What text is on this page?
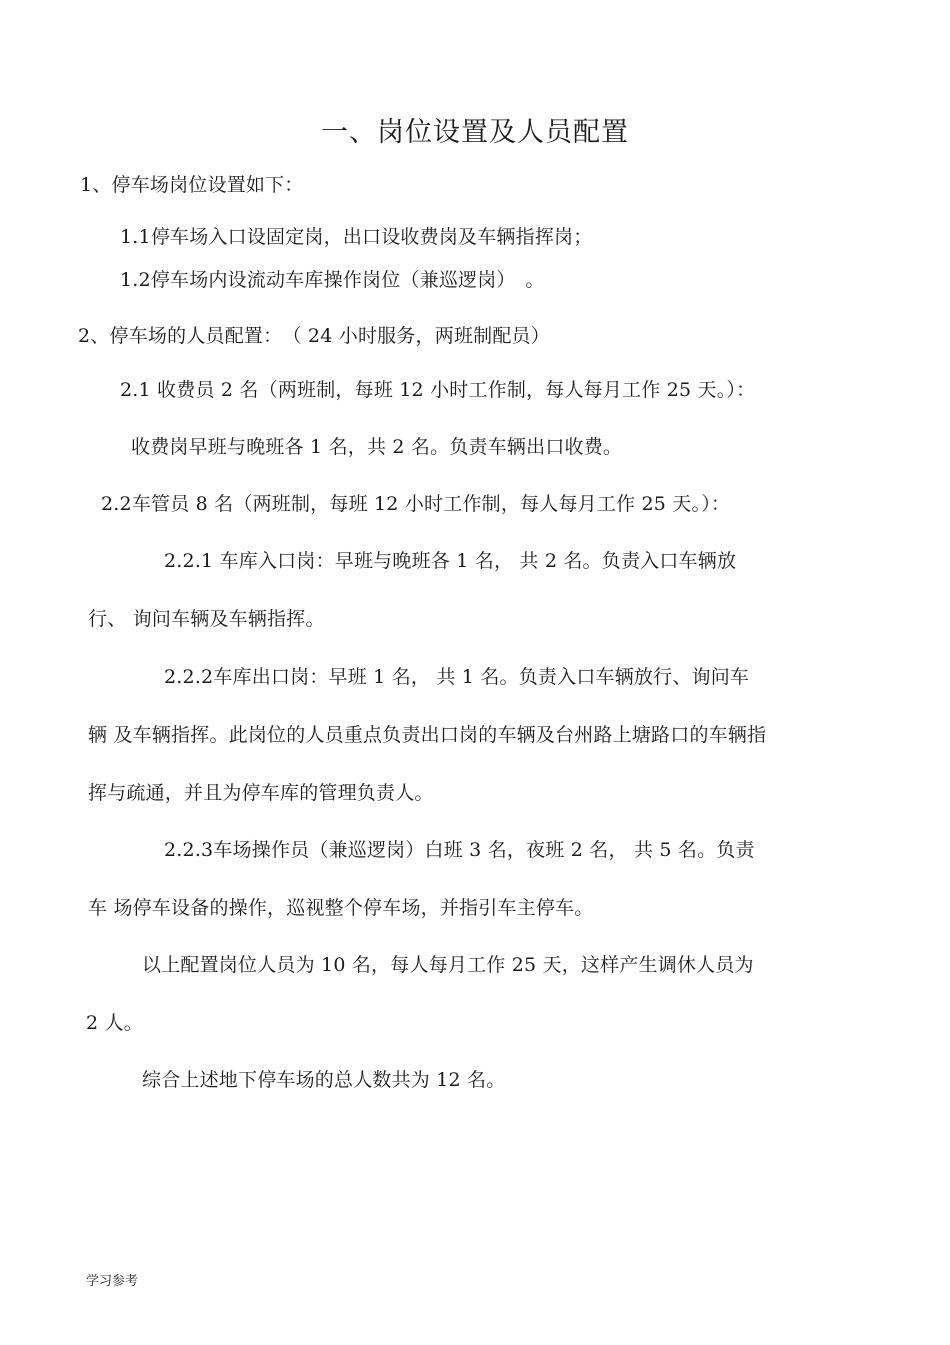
一、岗位设置及人员配置
1、停车场岗位设置如下：
1.1停车场入口设固定岗，出口设收费岗及车辆指挥岗；
1.2停车场内设流动车库操作岗位（兼巡逻岗）　。
2、停车场的人员配置：　（ 24 小时服务，两班制配员）
2.1 收费员 2 名（两班制，每班 12 小时工作制，每人每月工作 25 天。）：
收费岗早班与晚班各 1 名，共 2 名。负责车辆出口收费。
2.2车管员 8 名（两班制，每班 12 小时工作制，每人每月工作 25 天。）：
2.2.1 车库入口岗：早班与晚班各 1 名， 共 2 名。负责入口车辆放
行、 询问车辆及车辆指挥。
2.2.2车库出口岗：早班 1 名， 共 1 名。负责入口车辆放行、询问车
辆 及车辆指挥。此岗位的人员重点负责出口岗的车辆及台州路上塘路口的车辆指
挥与疏通，并且为停车库的管理负责人。
2.2.3车场操作员（兼巡逻岗）白班 3 名，夜班 2 名， 共 5 名。负责
车 场停车设备的操作，巡视整个停车场，并指引车主停车。
以上配置岗位人员为 10 名，每人每月工作 25 天，这样产生调休人员为
2 人。
综合上述地下停车场的总人数共为 12 名。
学习参考
